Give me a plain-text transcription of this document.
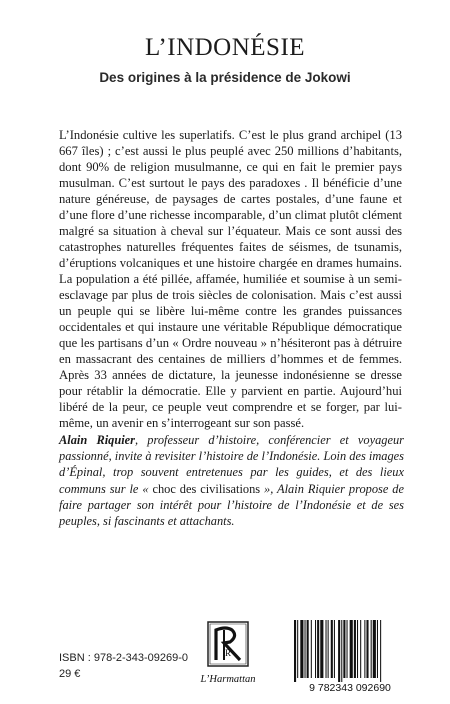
L’INDONÉSIE
Des origines à la présidence de Jokowi

L’Indonésie cultive les superlatifs. C’est le plus grand archipel (13 667 îles) ; c’est aussi le plus peuplé avec 250 millions d’habitants, dont 90% de religion musulmanne, ce qui en fait le premier pays musulman. C’est surtout le pays des paradoxes . Il bénéficie d’une nature généreuse, de paysages de cartes postales, d’une faune et d’une flore d’une richesse incomparable, d’un climat plutôt clément malgré sa situation à cheval sur l’équateur. Mais ce sont aussi des catastrophes naturelles fréquentes faites de séismes, de tsunamis, d’éruptions volcaniques et une histoire chargée en drames humains. La population a été pillée, affamée, humiliée et soumise à un semi-esclavage par plus de trois siècles de colonisation. Mais c’est aussi un peuple qui se libère lui-même contre les grandes puissances occidentales et qui instaure une véritable République démocratique que les partisans d’un « Ordre nouveau » n’hésiteront pas à détruire en massacrant des centaines de milliers d’hommes et de femmes. Après 33 années de dictature, la jeunesse indonésienne se dresse pour rétablir la démocratie. Elle y parvient en partie. Aujourd’hui libéré de la peur, ce peuple veut comprendre et se forger, par lui-même, un avenir en s’interrogeant sur son passé.

Alain Riquier, professeur d’histoire, conférencier et voyageur passionné, invite à revisiter l’histoire de l’Indonésie. Loin des images d’Épinal, trop souvent entretenues par les guides, et des lieux communs sur le « choc des civilisations », Alain Riquier propose de faire partager son intérêt pour l’histoire de l’Indonésie et de ses peuples, si fascinants et attachants.

ISBN : 978-2-343-09269-0
29 €
R
L’Harmattan
9 782343 092690
